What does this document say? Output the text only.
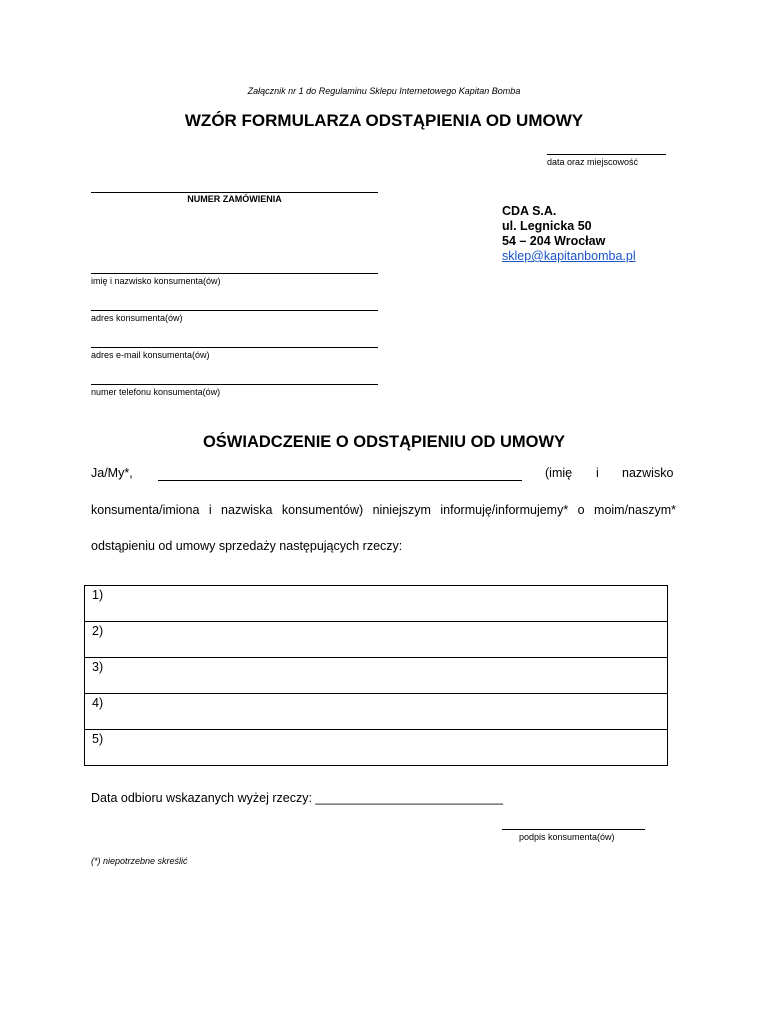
Załącznik nr 1 do Regulaminu Sklepu Internetowego Kapitan Bomba
WZÓR FORMULARZA ODSTĄPIENIA OD UMOWY
data oraz miejscowość
NUMER ZAMÓWIENIA
CDA S.A.
ul. Legnicka 50
54 – 204 Wrocław
sklep@kapitanbomba.pl
imię i nazwisko konsumenta(ów)
adres konsumenta(ów)
adres e-mail konsumenta(ów)
numer telefonu konsumenta(ów)
OŚWIADCZENIE O ODSTĄPIENIU OD UMOWY
Ja/My*,	(imię i nazwisko
konsumenta/imiona i nazwiska konsumentów) niniejszym informuję/informujemy* o moim/naszym*
odstąpieniu od umowy sprzedaży następujących rzeczy:
1)
2)
3)
4)
5)
Data odbioru wskazanych wyżej rzeczy: ___________________________
podpis konsumenta(ów)
(*) niepotrzebne skreślić
